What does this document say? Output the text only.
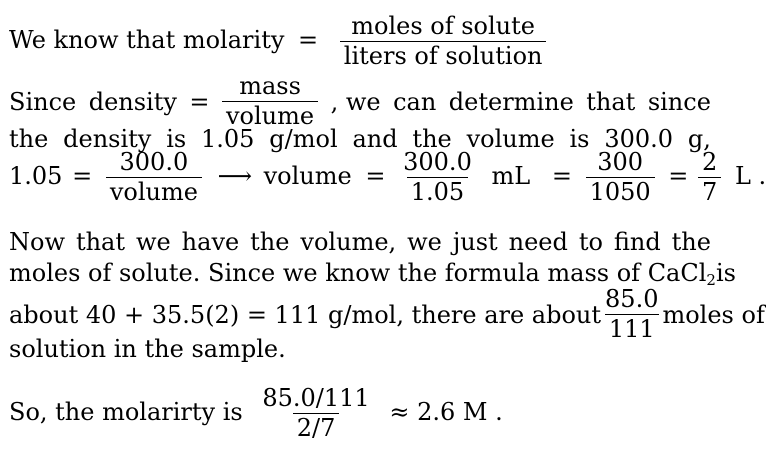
We know that molarity = $\frac{\text{moles of solute}}{\text{liters of solution}}$
Since density = $\frac{\text{mass}}{\text{volume}}$ , we can determine that since
the density is 1.05 g/mol and the volume is 300.0 g,
$1.05 = \frac{300.0}{\text{volume}}$ ⟶ volume = $\frac{300.0}{1.05}$ mL = $\frac{300}{1050} = \frac{2}{7}$ L .
Now that we have the volume, we just need to find the
moles of solute. Since we know the formula mass of CaCl$_2$ is
about 40 + 35.5(2) = 111 g/mol, there are about $\frac{85.0}{111}$ moles of
solution in the sample.
So, the molarirty is $\frac{85.0/111}{2/7} \approx 2.6$ M .
